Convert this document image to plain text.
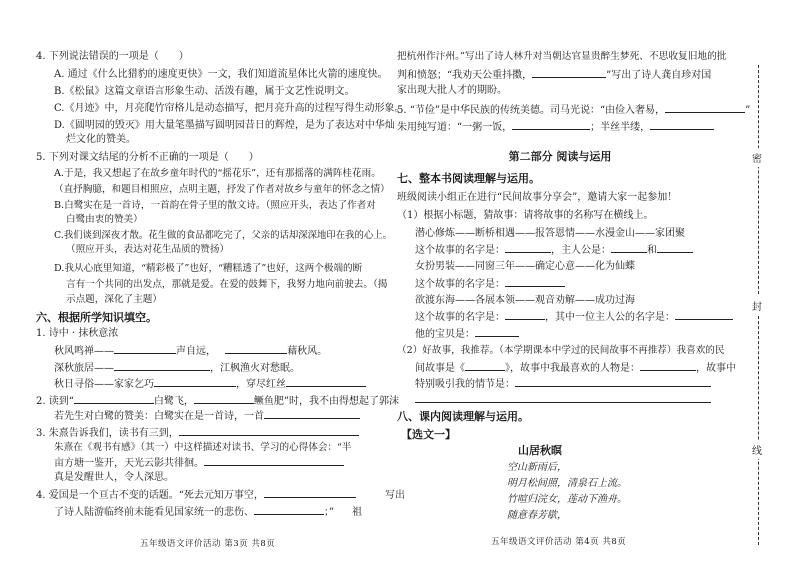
4. 下列说法错误的一项是（　　）
A. 通过《什么比猎豹的速度更快》一文，我们知道流星体比火箭的速度快。
B.《松鼠》这篇文章语言形象生动、活泼有趣，属于文艺性说明文。
C.《月迹》中，月亮爬竹帘格儿是动态描写，把月亮升高的过程写得生动形象。
D.《圆明园的毁灭》用大量笔墨描写圆明园昔日的辉煌，是为了表达对中华灿
烂文化的赞美。
5. 下列对课文结尾的分析不正确的一项是（　　）
A.于是，我又想起了在故乡童年时代的“摇花乐”，还有那摇落的满阵桂花雨。
（直抒胸臆，和题目相照应，点明主题，抒发了作者对故乡与童年的怀念之情）
B.白鹭实在是一首诗，一首韵在骨子里的散文诗。（照应开头，表达了作者对
白鹭由衷的赞美）
C.我们谈到深夜才散。花生做的食品都吃完了，父亲的话却深深地印在我的心上。
（照应开头，表达对花生品质的赞扬）
D.我从心底里知道，“精彩极了”也好，“糟糕透了”也好，这两个极端的断
言有一个共同的出发点，那就是爱。在爱的鼓舞下，我努力地向前驶去。（揭
示点题，深化了主题）
六、根据所学知识填空。
1. 诗中 · 抹秋意浓
秋风鸣禅——	声自远，	藉秋风。
深秋旅居——	，江枫渔火对愁眠。
秋日寻俗——家家乞巧	，穿尽红丝
2. 读到“	白鹭飞，	鳜鱼肥”时，我不由得想起了郭沫
若先生对白鹭的赞美：白鹭实在是一首诗，一首
3. 朱熹告诉我们，读书有三到，
朱熹在《观书有感》（其一）中这样描述对读书、学习的心得体会：“半
亩方塘一鉴开，天光云影共徘徊。
真是发醒世人，令人深思。
4. 爱国是一个亘古不变的话题。“死去元知万事空，	写出
了诗人陆游临终前未能看见国家统一的悲伤、	；” 祖
五年级语文评价活动 第3页 共8页
把杭州作汴州。”写出了诗人林升对当朝达官显贵醉生梦死、不思收复旧地的批
判和愤怒；“我劝天公重抖擞，	”写出了诗人龚自珍对国
家出现大批人才的期盼。
5. “节俭”是中华民族的传统美德。司马光说：“由俭入奢易，	”
朱用纯写道：“一粥一饭，	；半丝半缕，
第二部分 阅读与运用
七、整本书阅读理解与运用。
班级阅读小组正在进行“民间故事分享会”，邀请大家一起参加！
（1）根据小标题，猜故事：请将故事的名称写在横线上。
潜心修炼——断桥相遇——报答恩情——水漫金山——家团聚
这个故事的名字是：	，主人公是：	和
女扮男装——同窗三年——确定心意——化为仙蝶
这个故事的名字是：
欲渡东海——各展本领——观音劝解——成功过海
这个故事的名字是：	，其中一位主人公的名字是：
他的宝贝是：
（2）好故事，我推荐。（本学期课本中学过的民间故事不再推荐）我喜欢的民
间故事是《	》，故事中我最喜欢的人物是：	，故事中
特别吸引我的情节是：
八、课内阅读理解与运用。
【选文一】
山居秋暝
空山新雨后，
明月松间照，清泉石上流。
竹喧归浣女，莲动下渔舟。
随意春芳歇，
五年级语文评价活动 第4页 共8页
密
封
线
